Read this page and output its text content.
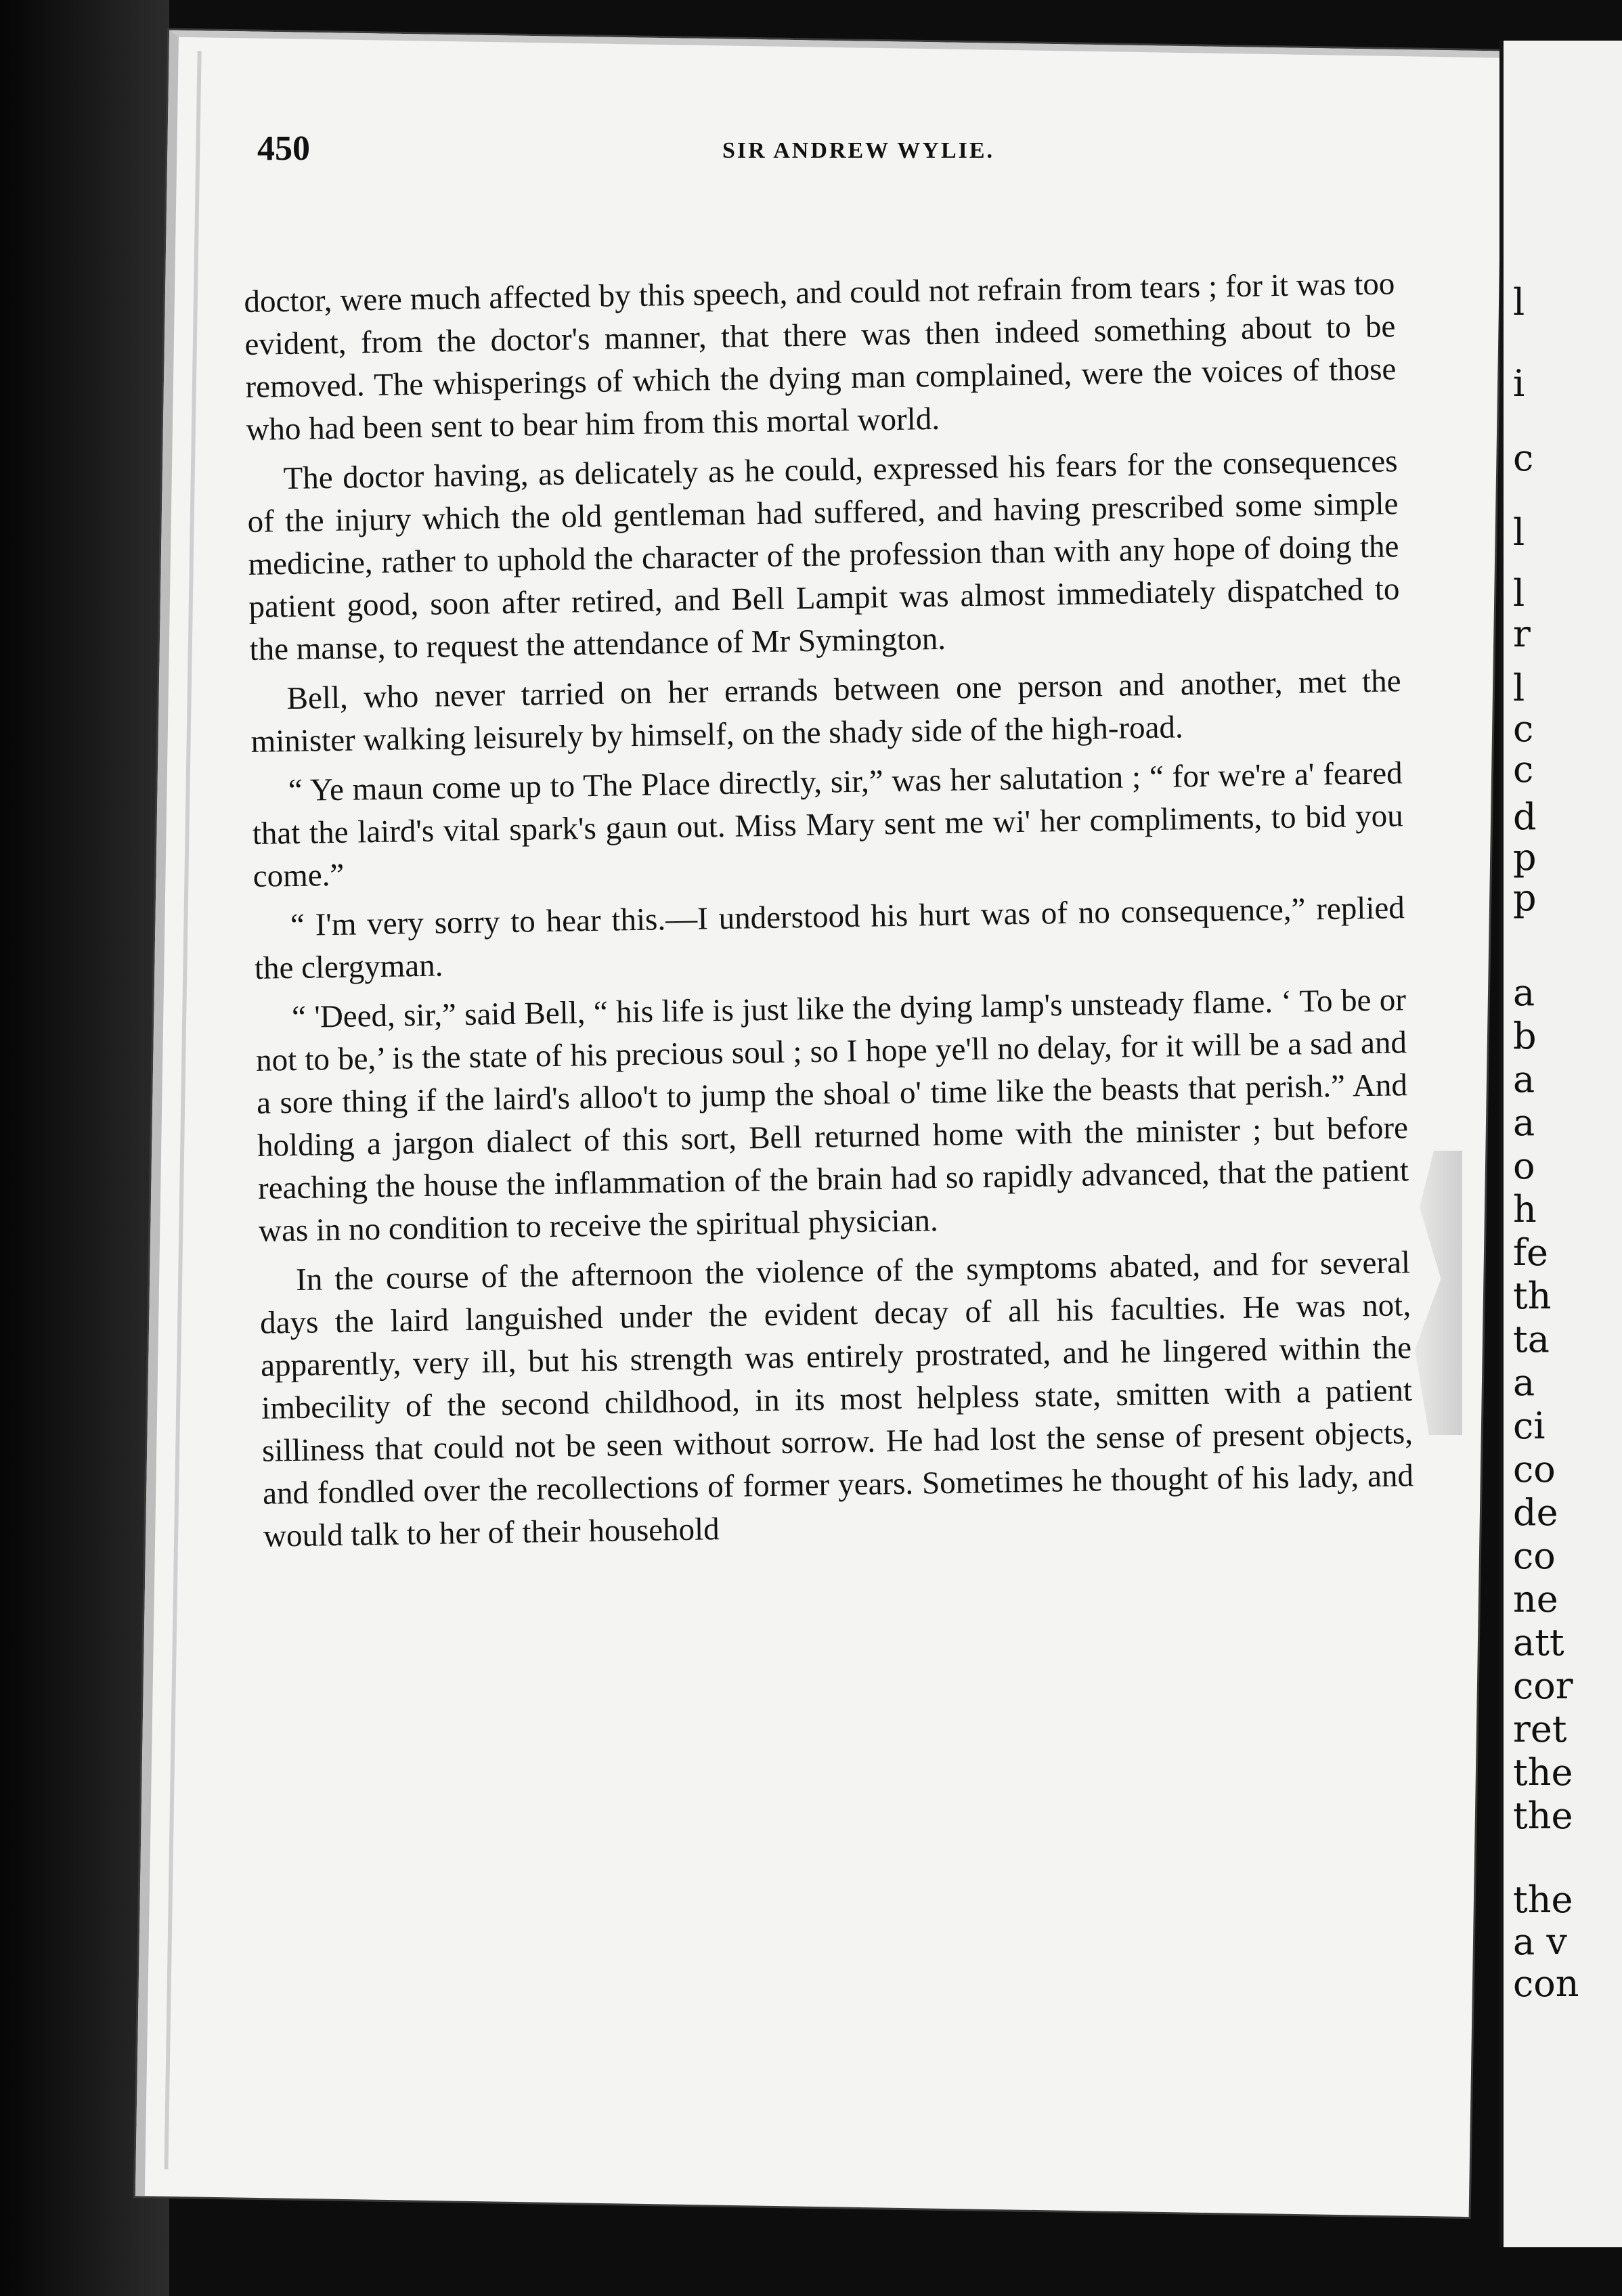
450	SIR ANDREW WYLIE.

doctor, were much affected by this speech, and could not refrain from tears ; for it was too evident, from the doctor's manner, that there was then indeed something about to be removed. The whisperings of which the dying man complained, were the voices of those who had been sent to bear him from this mortal world.

The doctor having, as delicately as he could, expressed his fears for the consequences of the injury which the old gentleman had suffered, and having prescribed some simple medicine, rather to uphold the character of the profession than with any hope of doing the patient good, soon after retired, and Bell Lampit was almost immediately dispatched to the manse, to request the attendance of Mr Symington.

Bell, who never tarried on her errands between one person and another, met the minister walking leisurely by himself, on the shady side of the high-road.

“ Ye maun come up to The Place directly, sir,” was her salutation ; “ for we're a' feared that the laird's vital spark's gaun out. Miss Mary sent me wi' her compliments, to bid you come.”

“ I'm very sorry to hear this.—I understood his hurt was of no consequence,” replied the clergyman.

“ 'Deed, sir,” said Bell, “ his life is just like the dying lamp's unsteady flame. ‘ To be or not to be,’ is the state of his precious soul ; so I hope ye'll no delay, for it will be a sad and a sore thing if the laird's alloo't to jump the shoal o' time like the beasts that perish.” And holding a jargon dialect of this sort, Bell returned home with the minister ; but before reaching the house the inflammation of the brain had so rapidly advanced, that the patient was in no condition to receive the spiritual physician.

In the course of the afternoon the violence of the symptoms abated, and for several days the laird languished under the evident decay of all his faculties. He was not, apparently, very ill, but his strength was entirely prostrated, and he lingered within the imbecility of the second childhood, in its most helpless state, smitten with a patient silliness that could not be seen without sorrow. He had lost the sense of present objects, and fondled over the recollections of former years. Sometimes he thought of his lady, and would talk to her of their household

l
i
c
l
l
r
l
c
c
d
p
p
a
b
a
a
o
h
fe
th
ta
a
ci
co
de
co
ne
att
cor
ret
the
the
the
a v
con
